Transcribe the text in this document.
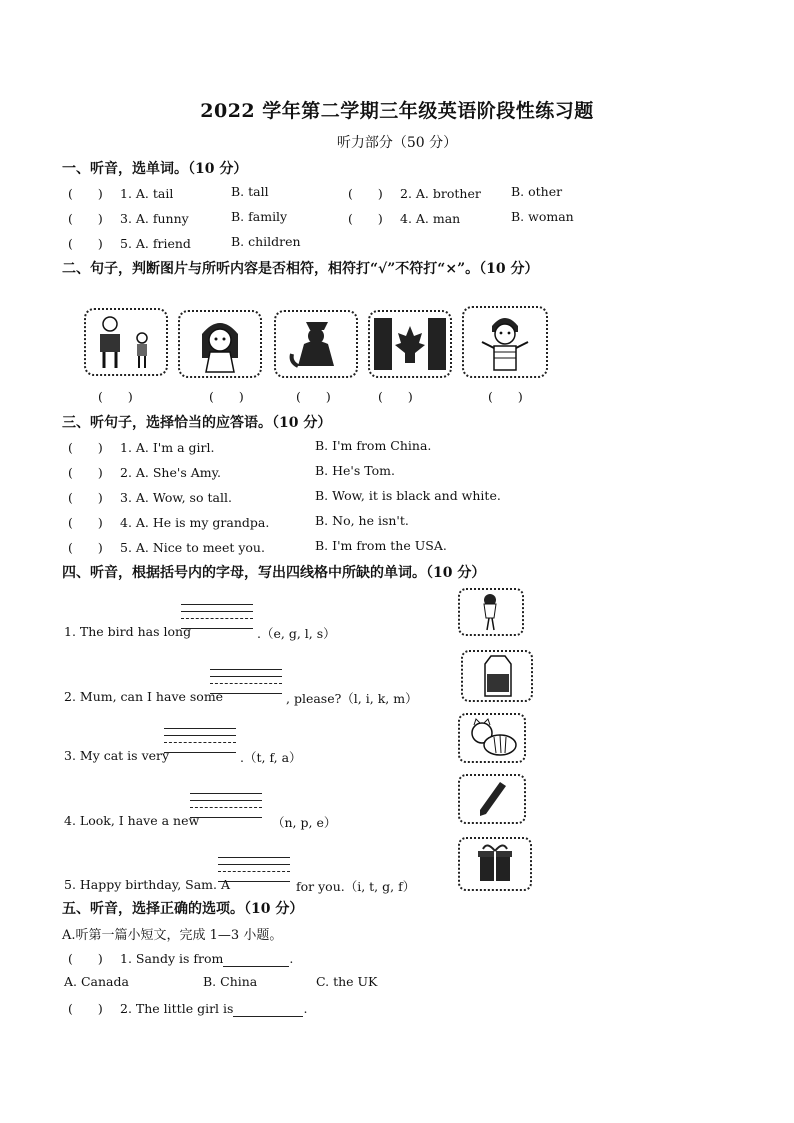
2022 学年第二学期三年级英语阶段性练习题
听力部分（50 分）
一、听音，选单词。（10 分）
(　　) 1. A. tail	B. tall	(　　) 2. A. brother B. other
(　　) 3. A. funny	B. family	(　　) 4. A. man	B. woman
(　　) 5. A. friend	B. children
二、句子，判断图片与所听内容是否相符，相符打“√”不符打“×”。（10 分）
(　　)	(　　)	(　　)	(　　)	(　　)
三、听句子，选择恰当的应答语。（10 分）
(　　) 1. A. I'm a girl.	B. I'm from China.
(　　) 2. A. She's Amy.	B. He's Tom.
(　　) 3. A. Wow, so tall.	B. Wow, it is black and white.
(　　) 4. A. He is my grandpa.	B. No, he isn't.
(　　) 5. A. Nice to meet you.	B. I'm from the USA.
四、听音，根据括号内的字母，写出四线格中所缺的单词。（10 分）
1. The bird has long	.（e, g, l, s）
2. Mum, can I have some	, please?（l, i, k, m）
3. My cat is very	.（t, f, a）
4. Look, I have a new	（n, p, e）
5. Happy birthday, Sam. A	for you.（i, t, g, f）
五、听音，选择正确的选项。（10 分）
A.听第一篇小短文，完成 1—3 小题。
(　　) 1. Sandy is from	.
A. Canada	B. China	C. the UK
(　　) 2. The little girl is	.
